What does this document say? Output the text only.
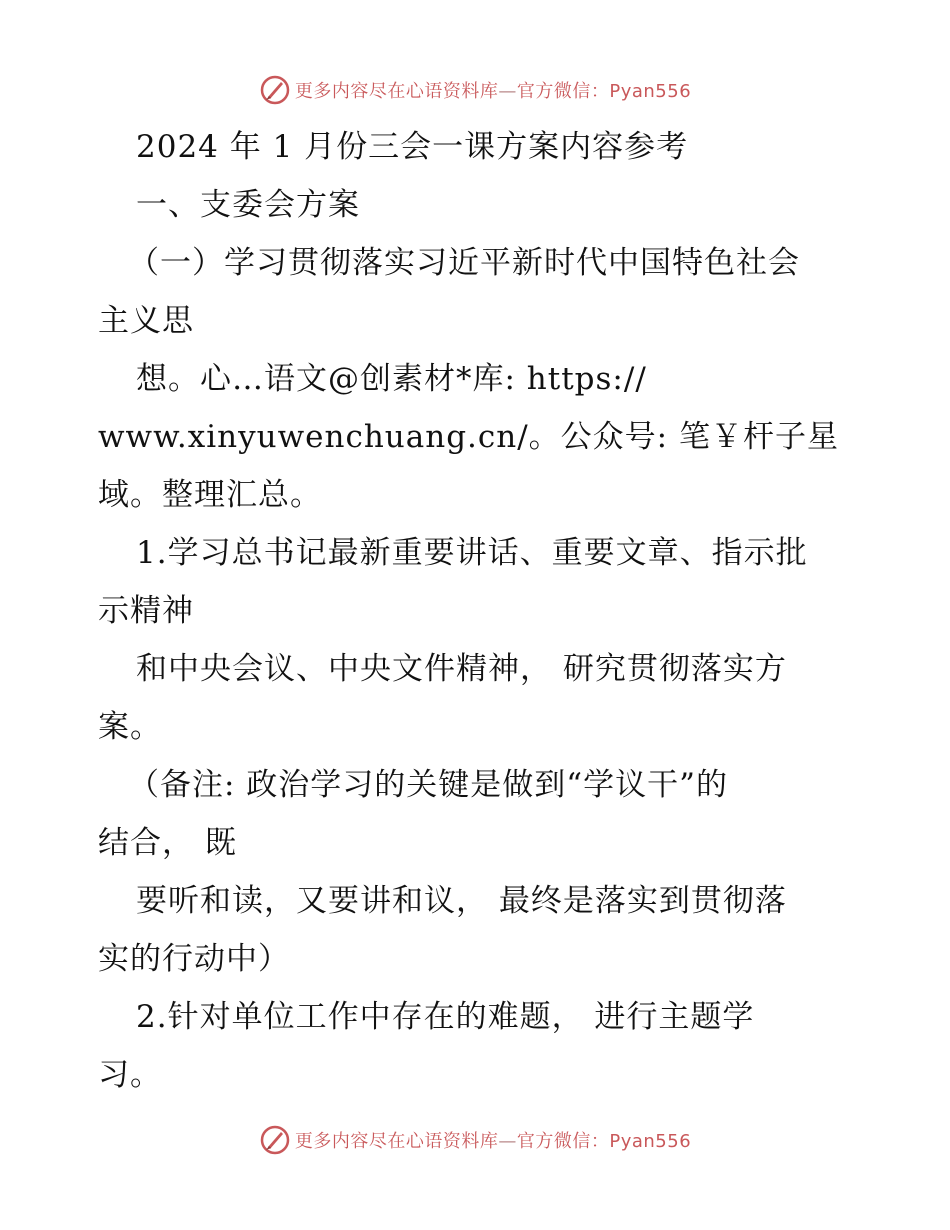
更多内容尽在心语资料库—官方微信：Pyan556
2024 年 1 月份三会一课方案内容参考
一、支委会方案
（一）学习贯彻落实习近平新时代中国特色社会
主义思
想。心…语文@创素材*库: https://
www.xinyuwenchuang.cn/。公众号: 笔￥杆子星
域。整理汇总。
1.学习总书记最新重要讲话、重要文章、指示批
示精神
和中央会议、中央文件精神， 研究贯彻落实方
案。
（备注: 政治学习的关键是做到“学议干”的
结合， 既
要听和读，又要讲和议， 最终是落实到贯彻落
实的行动中）
2.针对单位工作中存在的难题， 进行主题学
习。
更多内容尽在心语资料库—官方微信：Pyan556
